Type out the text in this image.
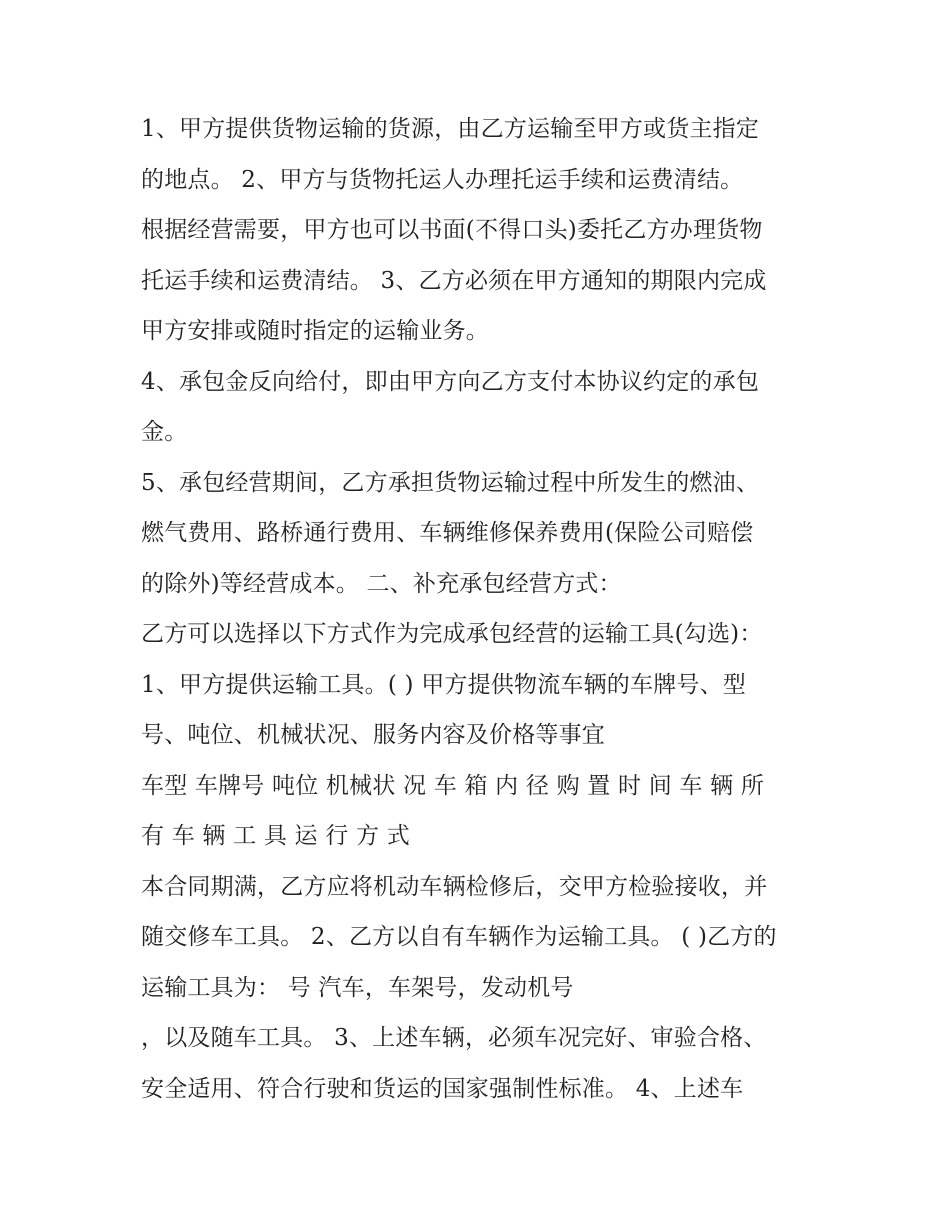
1、甲方提供货物运输的货源，由乙方运输至甲方或货主指定
的地点。 2、甲方与货物托运人办理托运手续和运费清结。
根据经营需要，甲方也可以书面(不得口头)委托乙方办理货物
托运手续和运费清结。 3、乙方必须在甲方通知的期限内完成
甲方安排或随时指定的运输业务。
4、承包金反向给付，即由甲方向乙方支付本协议约定的承包
金。
5、承包经营期间，乙方承担货物运输过程中所发生的燃油、
燃气费用、路桥通行费用、车辆维修保养费用(保险公司赔偿
的除外)等经营成本。 二、补充承包经营方式：
乙方可以选择以下方式作为完成承包经营的运输工具(勾选)：
1、甲方提供运输工具。( ) 甲方提供物流车辆的车牌号、型
号、吨位、机械状况、服务内容及价格等事宜
车型 车牌号 吨位 机械状 况 车 箱 内 径 购 置 时 间 车 辆 所
有 车 辆 工 具 运 行 方 式
本合同期满，乙方应将机动车辆检修后，交甲方检验接收，并
随交修车工具。 2、乙方以自有车辆作为运输工具。 ( )乙方的
运输工具为： 号 汽车，车架号，发动机号
，以及随车工具。 3、上述车辆，必须车况完好、审验合格、
安全适用、符合行驶和货运的国家强制性标准。 4、上述车
